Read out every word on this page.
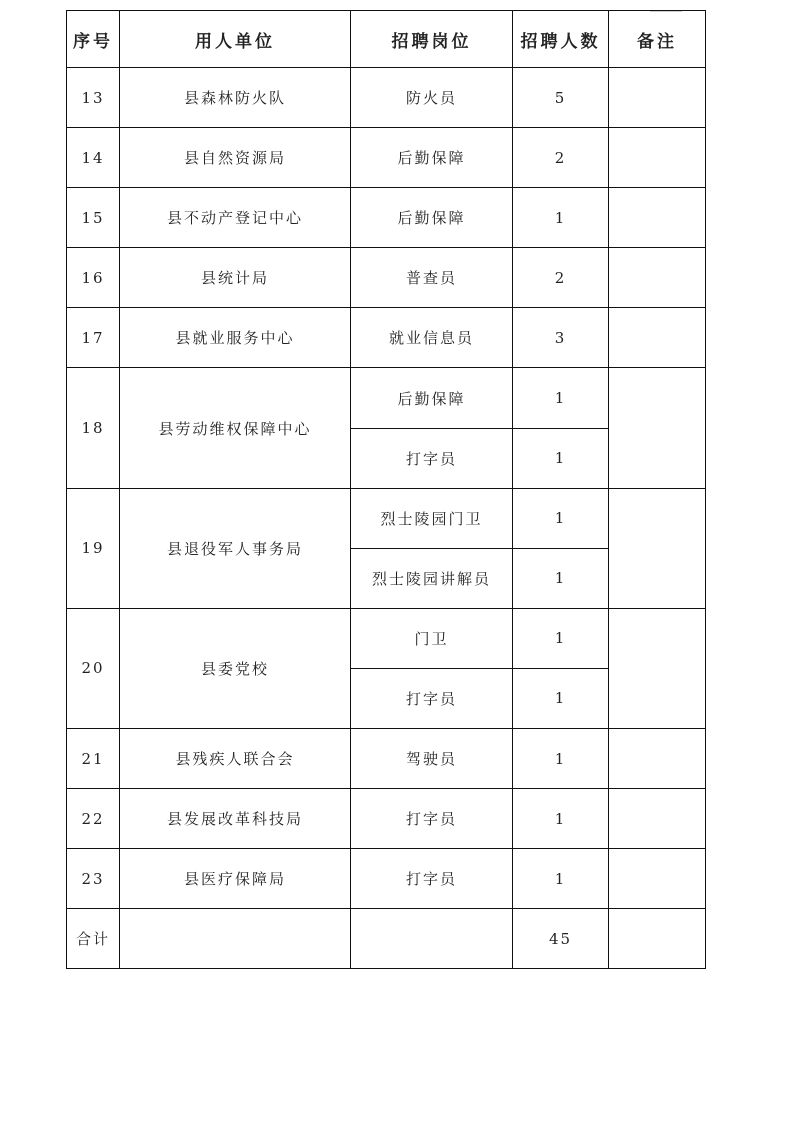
序号	用人单位	招聘岗位	招聘人数	备注
13	县森林防火队	防火员	5	
14	县自然资源局	后勤保障	2	
15	县不动产登记中心	后勤保障	1	
16	县统计局	普查员	2	
17	县就业服务中心	就业信息员	3	
18	县劳动维权保障中心	后勤保障	1	
		打字员	1	
19	县退役军人事务局	烈士陵园门卫	1	
		烈士陵园讲解员	1	
20	县委党校	门卫	1	
		打字员	1	
21	县残疾人联合会	驾驶员	1	
22	县发展改革科技局	打字员	1	
23	县医疗保障局	打字员	1	
合计			45	
